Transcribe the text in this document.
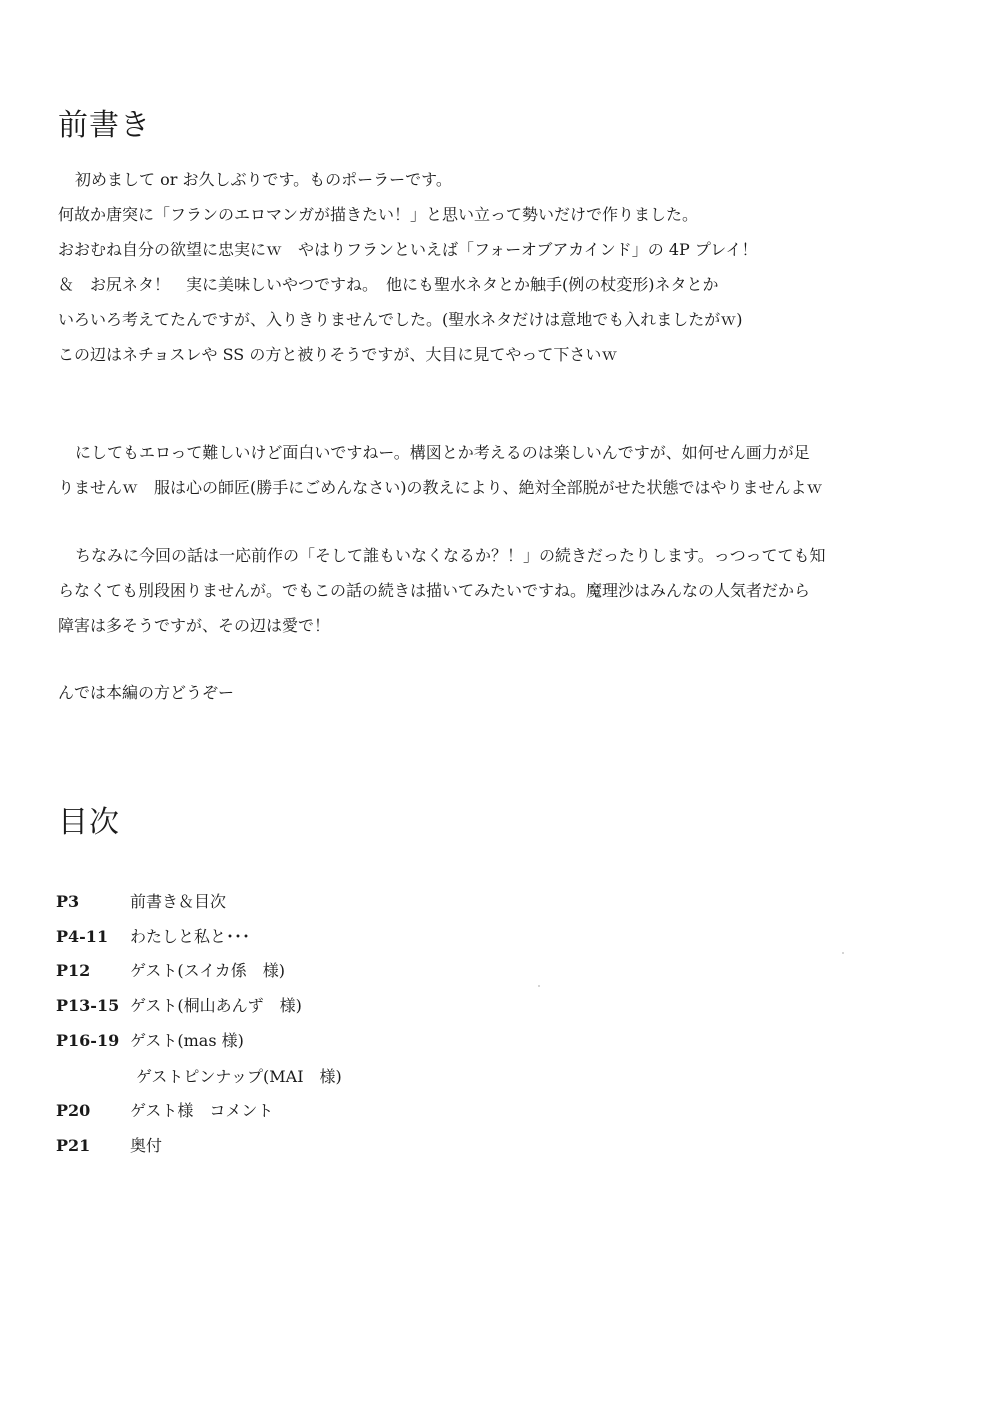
前書き
初めまして or お久しぶりです。ものポーラーです。
何故か唐突に「フランのエロマンガが描きたい！」と思い立って勢いだけで作りました。
おおむね自分の欲望に忠実にｗ　やはりフランといえば「フォーオブアカインド」の 4P プレイ！
＆　お尻ネタ！　実に美味しいやつですね。　他にも聖水ネタとか触手(例の杖変形)ネタとか
いろいろ考えてたんですが、入りきりませんでした。(聖水ネタだけは意地でも入れましたがｗ)
この辺はネチョスレや SS の方と被りそうですが、大目に見てやって下さいｗ
にしてもエロって難しいけど面白いですねー。構図とか考えるのは楽しいんですが、如何せん画力が足
りませんｗ　服は心の師匠(勝手にごめんなさい)の教えにより、絶対全部脱がせた状態ではやりませんよｗ
ちなみに今回の話は一応前作の「そして誰もいなくなるか？！」の続きだったりします。っつってても知
らなくても別段困りませんが。でもこの話の続きは描いてみたいですね。魔理沙はみんなの人気者だから
障害は多そうですが、その辺は愛で！
んでは本編の方どうぞー
目次
P3	前書き＆目次
P4-11 わたしと私と･･･
P12 ゲスト(スイカ係　様)
P13-15 ゲスト(桐山あんず　様)
P16-19 ゲスト(mas 様)
ゲストピンナップ(MAI　様)
P20 ゲスト様　コメント
P21 奥付
